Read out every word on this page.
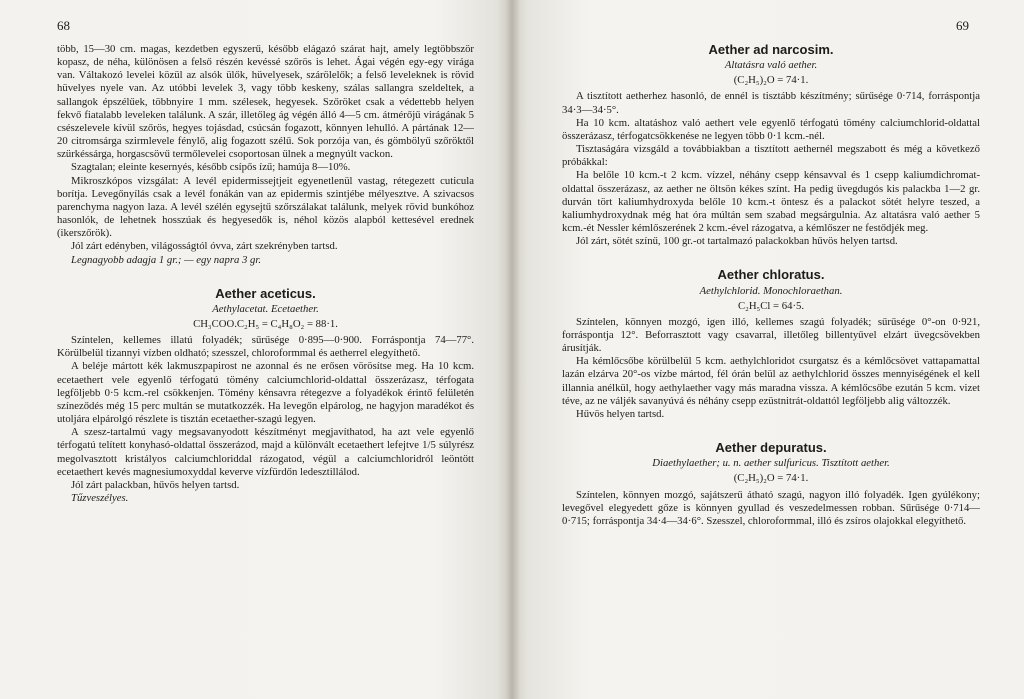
68

több, 15—30 cm. magas, kezdetben egyszerű, később elágazó szárat hajt, amely legtöbbször kopasz, de néha, különösen a felső részén kevéssé szőrös is lehet. Ágai végén egy-egy virága van. Váltakozó levelei közül az alsók ülők, hüvelyesek, szárölelők; a felső leveleknek is rövid hüvelyes nyele van. Az utóbbi levelek 3, vagy több keskeny, szálas sallangra szeldeltek, a sallangok épszélűek, többnyire 1 mm. szélesek, hegyesek. Szőröket csak a védettebb helyen fekvő fiatalabb leveleken találunk. A szár, illetőleg ág végén álló 4—5 cm. átmérőjű virágának 5 csészelevele kívül szőrös, hegyes tojásdad, csúcsán fogazott, könnyen lehulló. A pártának 12—20 citromsárga szirmlevele fénylő, alig fogazott szélű. Sok porzója van, és gömbölyű szőröktől szürkéssárga, horgascsövű termőlevelei csoportosan ülnek a megnyúlt vackon.

Szagtalan; eleinte kesernyés, később csípős ízű; hamúja 8—10%.

Mikroszkópos vizsgálat: A levél epidermissejtjeit egyenetlenül vastag, rétegezett cuticula borítja. Levegőnyílás csak a levél fonákán van az epidermis szintjébe mélyesztve. A szivacsos parenchyma nagyon laza. A levél szélén egysejtű szőrszálakat találunk, melyek rövid bunkóhoz hasonlók, de lehetnek hosszúak és hegyesedők is, néhol közös alapból kettesével erednek (ikerszőrök).

Jól zárt edényben, világosságtól óvva, zárt szekrényben tartsd.

Legnagyobb adagja 1 gr.; — egy napra 3 gr.

Aether aceticus.
Aethylacetat. Ecetaether.
CH₃COO.C₂H₅ = C₄H₈O₂ = 88·1.

Színtelen, kellemes illatú folyadék; sűrűsége 0·895—0·900. Forráspontja 74—77°. Körülbelül tizannyi vízben oldható; szesszel, chloroformmal és aetherrel elegyíthető.

A beléje mártott kék lakmuszpapirost ne azonnal és ne erősen vörösítse meg. Ha 10 kcm. ecetaethert vele egyenlő térfogatú tömény calciumchlorid-oldattal összerázasz, térfogata legföljebb 0·5 kcm.-rel csökkenjen. Tömény kénsavra rétegezve a folyadékok érintő felületén színeződés még 15 perc multán se mutatkozzék. Ha levegőn elpárolog, ne hagyjon maradékot és utoljára elpárolgó részlete is tisztán ecetaether-szagú legyen.

A szesz-tartalmú vagy megsavanyodott készítményt megjavíthatod, ha azt vele egyenlő térfogatú telített konyhasó-oldattal összerázod, majd a különvált ecetaethert lefejtve 1/5 súlyrész megolvasztott kristályos calciumchloriddal rázogatod, végül a calciumchloridról leöntött ecetaethert kevés magnesiumoxyddal keverve vízfürdőn ledesztillálod.

Jól zárt palackban, hűvös helyen tartsd.

Tűzveszélyes.

69
Aether ad narcosim.
Altatásra való aether.
(C₂H₅)₂O = 74·1.

A tisztított aetherhez hasonló, de ennél is tisztább készítmény; sűrűsége 0·714, forráspontja 34·3—34·5°.

Ha 10 kcm. altatáshoz való aethert vele egyenlő térfogatú tömény calciumchlorid-oldattal összerázasz, térfogatcsökkenése ne legyen több 0·1 kcm.-nél.

Tisztaságára vizsgáld a továbbiakban a tisztított aethernél megszabott és még a következő próbákkal:

Ha belőle 10 kcm.-t 2 kcm. vízzel, néhány csepp kénsavval és 1 csepp kaliumdichromat-oldattal összerázasz, az aether ne öltsön kékes színt. Ha pedig üvegdugós kis palackba 1—2 gr. durván tört kaliumhydroxyda belőle 10 kcm.-t öntesz és a palackot sötét helyre teszed, a kaliumhydroxydnak még hat óra múltán sem szabad megsárgulnia. Az altatásra való aether 5 kcm.-ét Nessler kémlőszerének 2 kcm.-ével rázogatva, a kémlőszer ne festődjék meg.

Jól zárt, sötét színű, 100 gr.-ot tartalmazó palackokban hűvös helyen tartsd.

Aether chloratus.
Aethylchlorid. Monochloraethan.
C₂H₅Cl = 64·5.

Színtelen, könnyen mozgó, igen illó, kellemes szagú folyadék; sűrűsége 0°-on 0·921, forráspontja 12°. Beforrasztott vagy csavarral, illetőleg billentyűvel elzárt üvegcsövekben árusítják.

Ha kémlőcsőbe körülbelül 5 kcm. aethylchloridot csurgatsz és a kémlőcsövet vattapamattal lazán elzárva 20°-os vízbe mártod, fél órán belül az aethylchlorid összes mennyiségének el kell illannia anélkül, hogy aethylaether vagy más maradna vissza. A kémlőcsőbe ezután 5 kcm. vizet téve, az ne váljék savanyúvá és néhány csepp ezüstnitrát-oldattól legföljebb alig változzék.

Hűvös helyen tartsd.

Aether depuratus.
Diaethylaether; u. n. aether sulfuricus. Tisztított aether.
(C₂H₅)₂O = 74·1.

Színtelen, könnyen mozgó, sajátszerű átható szagú, nagyon illó folyadék. Igen gyúlékony; levegővel elegyedett gőze is könnyen gyullad és veszedelmessen robban. Sűrűsége 0·714—0·715; forráspontja 34·4—34·6°. Szesszel, chloroformmal, illó és zsíros olajokkal elegyíthető.
